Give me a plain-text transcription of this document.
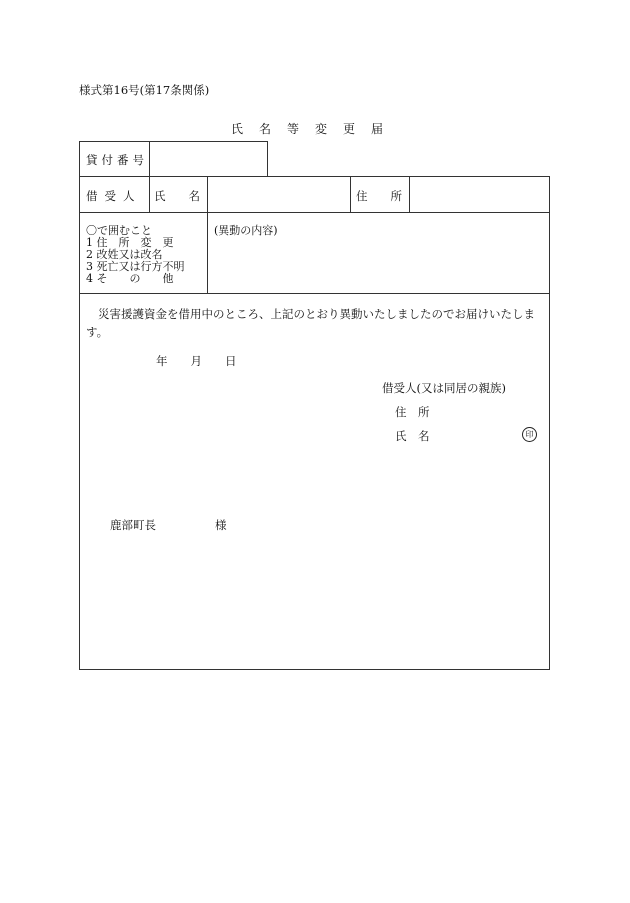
様式第16号(第17条関係)
氏名等変更届
貸付番号
借受人 氏　　名	住　　所
〇で囲むこと
1 住　所　変　更
2 改姓又は改名
3 死亡又は行方不明
4 そ　　の　　他
(異動の内容)
災害援護資金を借用中のところ、上記のとおり異動いたしましたのでお届けいたします。
年　　月　　日
借受人(又は同居の親族)
住　所
氏　名	印
鹿部町長	様
